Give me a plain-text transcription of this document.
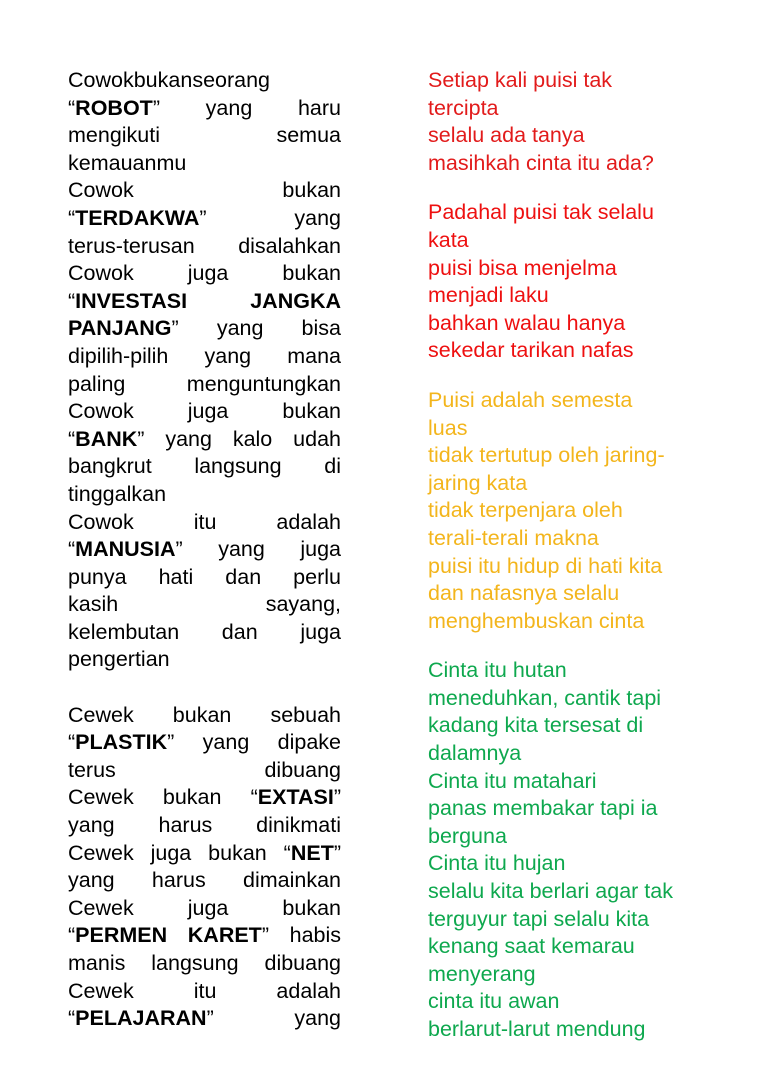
Cowokbukanseorang
“ROBOT” yang haru
mengikuti semua
kemauanmu
Cowok bukan
“TERDAKWA” yang
terus-terusan disalahkan
Cowok juga bukan
“INVESTASI JANGKA
PANJANG” yang bisa
dipilih-pilih yang mana
paling menguntungkan
Cowok juga bukan
“BANK” yang kalo udah
bangkrut langsung di
tinggalkan
Cowok itu adalah
“MANUSIA” yang juga
punya hati dan perlu
kasih sayang,
kelembutan dan juga
pengertian
Cewek bukan sebuah
“PLASTIK” yang dipake
terus dibuang
Cewek bukan “EXTASI”
yang harus dinikmati
Cewek juga bukan “NET”
yang harus dimainkan
Cewek juga bukan
“PERMEN KARET” habis
manis langsung dibuang
Cewek itu adalah
“PELAJARAN” yang
Setiap kali puisi tak
tercipta
selalu ada tanya
masihkah cinta itu ada?
Padahal puisi tak selalu
kata
puisi bisa menjelma
menjadi laku
bahkan walau hanya
sekedar tarikan nafas
Puisi adalah semesta
luas
tidak tertutup oleh jaring-
jaring kata
tidak terpenjara oleh
terali-terali makna
puisi itu hidup di hati kita
dan nafasnya selalu
menghembuskan cinta
Cinta itu hutan
meneduhkan, cantik tapi
kadang kita tersesat di
dalamnya
Cinta itu matahari
panas membakar tapi ia
berguna
Cinta itu hujan
selalu kita berlari agar tak
terguyur tapi selalu kita
kenang saat kemarau
menyerang
cinta itu awan
berlarut-larut mendung
